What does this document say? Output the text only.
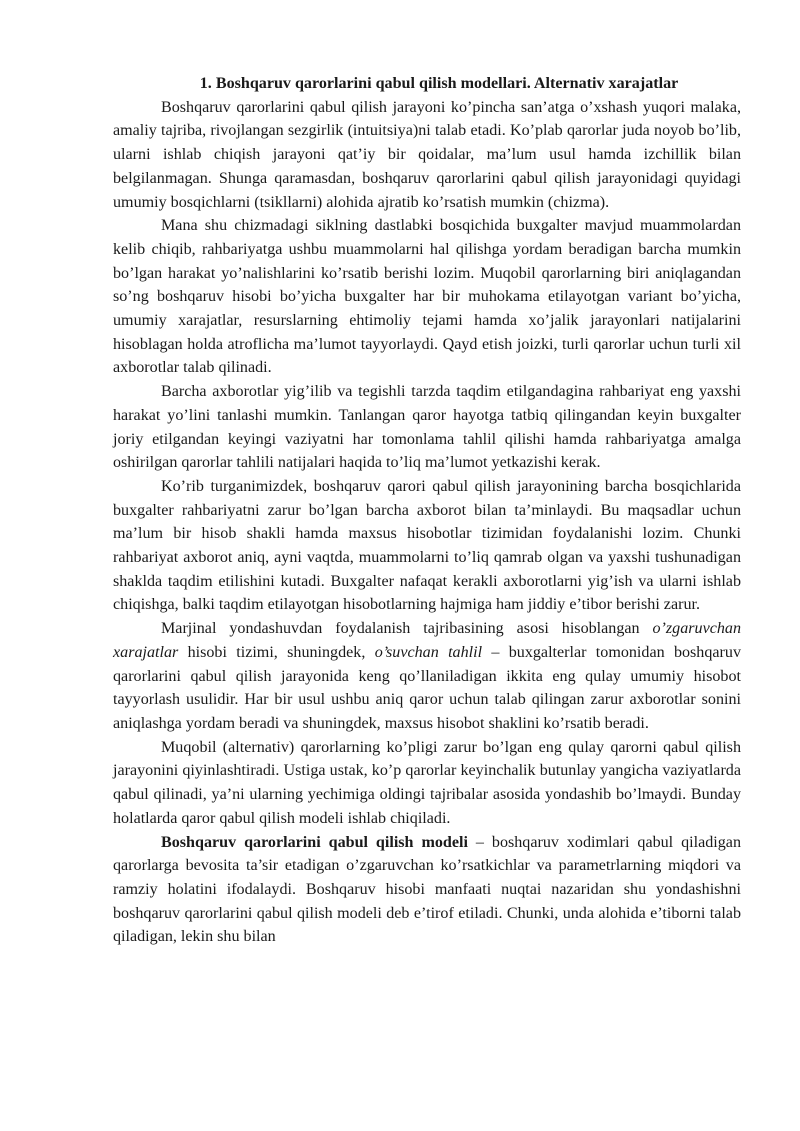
1. Boshqaruv qarorlarini qabul qilish modellari. Alternativ xarajatlar

Boshqaruv qarorlarini qabul qilish jarayoni ko’pincha san’atga o’xshash yuqori malaka, amaliy tajriba, rivojlangan sezgirlik (intuitsiya)ni talab etadi. Ko’plab qarorlar juda noyob bo’lib, ularni ishlab chiqish jarayoni qat’iy bir qoidalar, ma’lum usul hamda izchillik bilan belgilanmagan. Shunga qaramasdan, boshqaruv qarorlarini qabul qilish jarayonidagi quyidagi umumiy bosqichlarni (tsikllarni) alohida ajratib ko’rsatish mumkin (chizma).

Mana shu chizmadagi siklning dastlabki bosqichida buxgalter mavjud muammolardan kelib chiqib, rahbariyatga ushbu muammolarni hal qilishga yordam beradigan barcha mumkin bo’lgan harakat yo’nalishlarini ko’rsatib berishi lozim. Muqobil qarorlarning biri aniqlagandan so’ng boshqaruv hisobi bo’yicha buxgalter har bir muhokama etilayotgan variant bo’yicha, umumiy xarajatlar, resurslarning ehtimoliy tejami hamda xo’jalik jarayonlari natijalarini hisoblagan holda atroflicha ma’lumot tayyorlaydi. Qayd etish joizki, turli qarorlar uchun turli xil axborotlar talab qilinadi.

Barcha axborotlar yig’ilib va tegishli tarzda taqdim etilgandagina rahbariyat eng yaxshi harakat yo’lini tanlashi mumkin. Tanlangan qaror hayotga tatbiq qilingandan keyin buxgalter joriy etilgandan keyingi vaziyatni har tomonlama tahlil qilishi hamda rahbariyatga amalga oshirilgan qarorlar tahlili natijalari haqida to’liq ma’lumot yetkazishi kerak.

Ko’rib turganimizdek, boshqaruv qarori qabul qilish jarayonining barcha bosqichlarida buxgalter rahbariyatni zarur bo’lgan barcha axborot bilan ta’minlaydi. Bu maqsadlar uchun ma’lum bir hisob shakli hamda maxsus hisobotlar tizimidan foydalanishi lozim. Chunki rahbariyat axborot aniq, ayni vaqtda, muammolarni to’liq qamrab olgan va yaxshi tushunadigan shaklda taqdim etilishini kutadi. Buxgalter nafaqat kerakli axborotlarni yig’ish va ularni ishlab chiqishga, balki taqdim etilayotgan hisobotlarning hajmiga ham jiddiy e’tibor berishi zarur.

Marjinal yondashuvdan foydalanish tajribasining asosi hisoblangan o’zgaruvchan xarajatlar hisobi tizimi, shuningdek, o’suvchan tahlil – buxgalterlar tomonidan boshqaruv qarorlarini qabul qilish jarayonida keng qo’llaniladigan ikkita eng qulay umumiy hisobot tayyorlash usulidir. Har bir usul ushbu aniq qaror uchun talab qilingan zarur axborotlar sonini aniqlashga yordam beradi va shuningdek, maxsus hisobot shaklini ko’rsatib beradi.

Muqobil (alternativ) qarorlarning ko’pligi zarur bo’lgan eng qulay qarorni qabul qilish jarayonini qiyinlashtiradi. Ustiga ustak, ko’p qarorlar keyinchalik butunlay yangicha vaziyatlarda qabul qilinadi, ya’ni ularning yechimiga oldingi tajribalar asosida yondashib bo’lmaydi. Bunday holatlarda qaror qabul qilish modeli ishlab chiqiladi.

Boshqaruv qarorlarini qabul qilish modeli – boshqaruv xodimlari qabul qiladigan qarorlarga bevosita ta’sir etadigan o’zgaruvchan ko’rsatkichlar va parametrlarning miqdori va ramziy holatini ifodalaydi. Boshqaruv hisobi manfaati nuqtai nazaridan shu yondashishni boshqaruv qarorlarini qabul qilish modeli deb e’tirof etiladi. Chunki, unda alohida e’tiborni talab qiladigan, lekin shu bilan
